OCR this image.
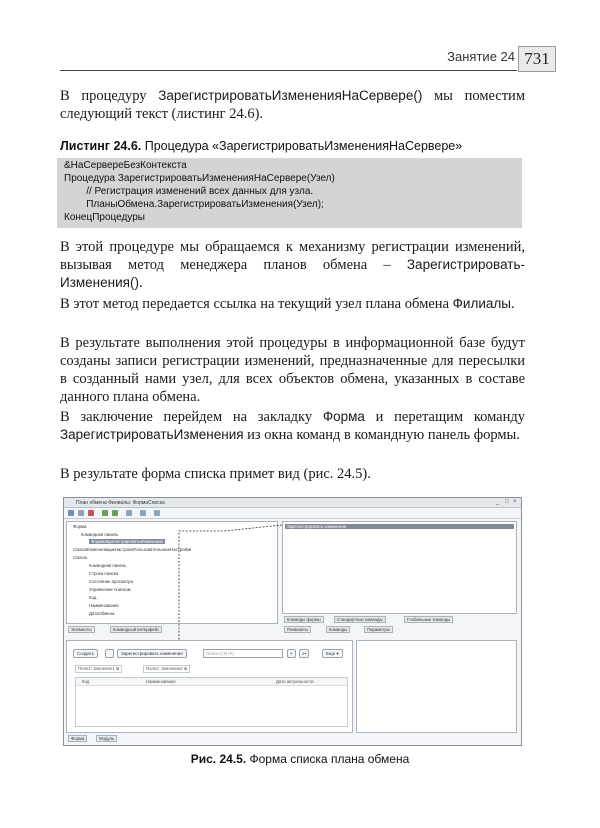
Занятие 24 731
В процедуру ЗарегистрироватьИзмененияНаСервере() мы поместим следующий текст (листинг 24.6).
Листинг 24.6. Процедура «ЗарегистрироватьИзмененияНаСервере»
&НаСервереБезКонтекста
Процедура ЗарегистрироватьИзмененияНаСервере(Узел)
// Регистрация изменений всех данных для узла.
ПланыОбмена.ЗарегистрироватьИзменения(Узел);
КонецПроцедуры
В этой процедуре мы обращаемся к механизму регистрации изменений, вызывая метод менеджера планов обмена – ЗарегистрироватьИзменения().
В этот метод передается ссылка на текущий узел плана обмена Филиалы.
В результате выполнения этой процедуры в информационной базе будут созданы записи регистрации изменений, предназначенные для пересылки в созданный нами узел, для всех объектов обмена, указанных в составе данного плана обмена.
В заключение перейдем на закладку Форма и перетащим команду ЗарегистрироватьИзменения из окна команд в командную панель формы.
В результате форма списка примет вид (рис. 24.5).
План обмена Филиалы: ФормаСписка	_ □ ×
Форма
Командная панель
ФормаЗарегистрироватьИзменения
СписокКомпоновщикНастроекПользовательскиеНастройки
Список
Командная панель
Строка поиска
Состояние просмотра
Управление поиском
Код
Наименование
ДатаОбмена
Элементы	Командный интерфейс
Зарегистрировать изменения
Команды формы	Стандартные команды	Глобальные команды
Реквизиты	Команды	Параметры
Создать	Зарегистрировать изменения	Поиск (Ctrl+F)	×	⌕▾	Еще ▾
Поле1: Значение1 ⊗	Поле2: Значение2 ⊗
Код	Наименование	Дата актуальности
Форма	Модуль
Рис. 24.5. Форма списка плана обмена
